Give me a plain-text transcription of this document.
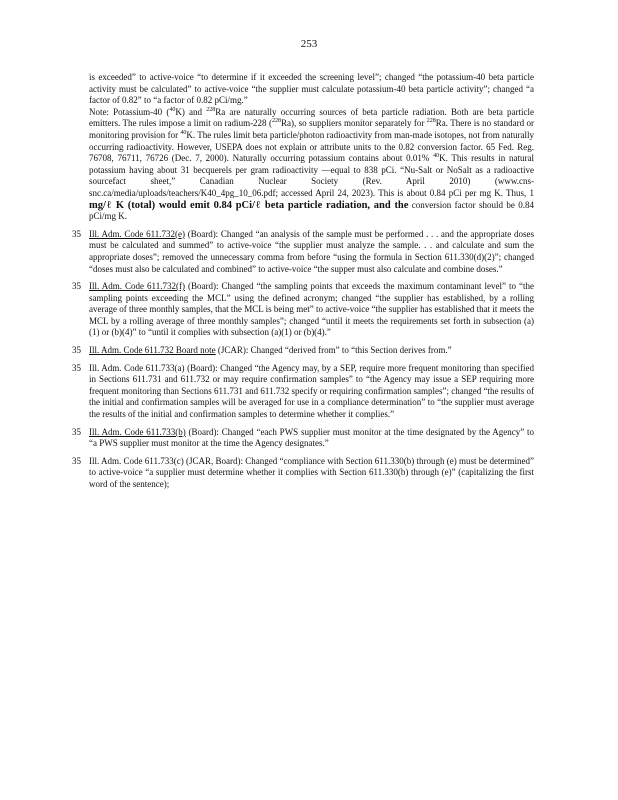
253
is exceeded” to active-voice “to determine if it exceeded the screening level”; changed “the potassium-40 beta particle activity must be calculated” to active-voice “the supplier must calculate potassium-40 beta particle activity”; changed “a factor of 0.82” to “a factor of 0.82 pCi/mg.”
Note: Potassium-40 ($^{40}$K) and $^{228}$Ra are naturally occurring sources of beta particle radiation. Both are beta particle emitters. The rules impose a limit on radium-228 ($^{228}$Ra), so suppliers monitor separately for $^{228}$Ra. There is no standard or monitoring provision for $^{40}$K. The rules limit beta particle/photon radioactivity from man-made isotopes, not from naturally occurring radioactivity. However, USEPA does not explain or attribute units to the 0.82 conversion factor. 65 Fed. Reg. 76708, 76711, 76726 (Dec. 7, 2000). Naturally occurring potassium contains about 0.01% $^{40}$K. This results in natural potassium having about 31 becquerels per gram radioactivity —equal to 838 pCi. “Nu-Salt or NoSalt as a radioactive sourcefact sheet,” Canadian Nuclear Society (Rev. April 2010) (www.cns-snc.ca/media/uploads/teachers/K40_4pg_10_06.pdf; accessed April 24, 2023). This is about 0.84 pCi per mg K. Thus, 1 mg/ℓ K (total) would emit 0.84 pCi/ℓ beta particle radiation, and the conversion factor should be 0.84 pCi/mg K.
35 Ill. Adm. Code 611.732(e) (Board): Changed “an analysis of the sample must be performed . . . and the appropriate doses must be calculated and summed” to active-voice “the supplier must analyze the sample. . . and calculate and sum the appropriate doses”; removed the unnecessary comma from before “using the formula in Section 611.330(d)(2)”; changed “doses must also be calculated and combined” to active-voice “the supper must also calculate and combine doses.”
35 Ill. Adm. Code 611.732(f) (Board): Changed “the sampling points that exceeds the maximum contaminant level” to “the sampling points exceeding the MCL” using the defined acronym; changed “the supplier has established, by a rolling average of three monthly samples, that the MCL is being met” to active-voice “the supplier has established that it meets the MCL by a rolling average of three monthly samples”; changed “until it meets the requirements set forth in subsection (a)(1) or (b)(4)” to “until it complies with subsection (a)(1) or (b)(4).”
35 Ill. Adm. Code 611.732 Board note (JCAR): Changed “derived from” to “this Section derives from.”
35 Ill. Adm. Code 611.733(a) (Board): Changed “the Agency may, by a SEP, require more frequent monitoring than specified in Sections 611.731 and 611.732 or may require confirmation samples” to “the Agency may issue a SEP requiring more frequent monitoring than Sections 611.731 and 611.732 specify or requiring confirmation samples”; changed “the results of the initial and confirmation samples will be averaged for use in a compliance determination” to “the supplier must average the results of the initial and confirmation samples to determine whether it complies.”
35 Ill. Adm. Code 611.733(b) (Board): Changed “each PWS supplier must monitor at the time designated by the Agency” to “a PWS supplier must monitor at the time the Agency designates.”
35 Ill. Adm. Code 611.733(c) (JCAR, Board): Changed “compliance with Section 611.330(b) through (e) must be determined” to active-voice “a supplier must determine whether it complies with Section 611.330(b) through (e)” (capitalizing the first word of the sentence);
